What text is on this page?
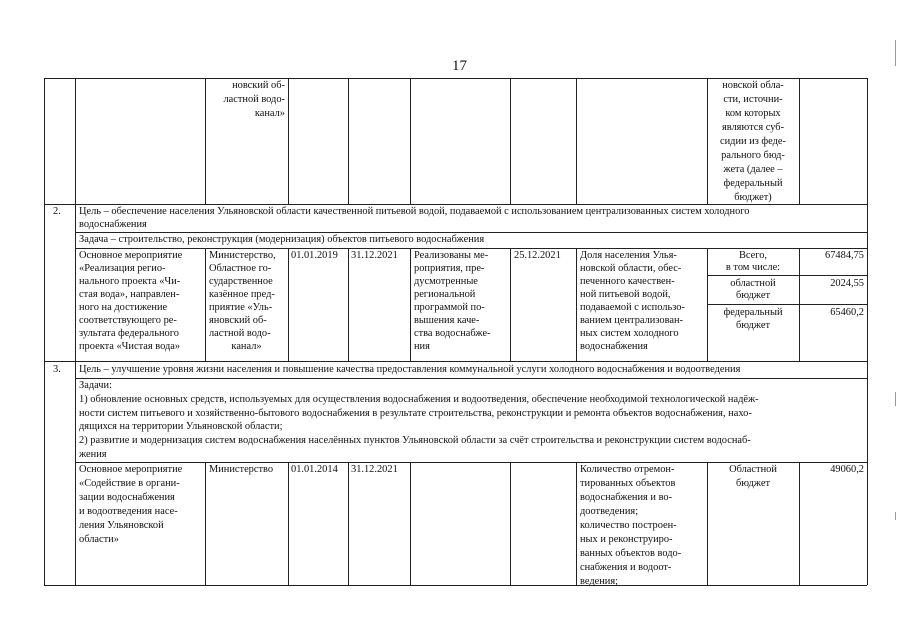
17
новский об-
ластной водо-
канал»
новской обла-
сти, источни-
ком которых
являются суб-
сидии из феде-
рального бюд-
жета (далее –
федеральный
бюджет)
2. Цель – обеспечение населения Ульяновской области качественной питьевой водой, подаваемой с использованием централизованных систем холодного
водоснабжения
Задача – строительство, реконструкция (модернизация) объектов питьевого водоснабжения
Основное мероприятие
«Реализация регио-
нального проекта «Чи-
стая вода», направлен-
ного на достижение
соответствующего ре-
зультата федерального
проекта «Чистая вода»
Министерство,
Областное го-
сударственное
казённое пред-
приятие «Уль-
яновский об-
ластной водо-
канал»
01.01.2019 31.12.2021 Реализованы ме-
роприятия, пре-
дусмотренные
региональной
программой по-
вышения каче-
ства водоснабже-
ния
25.12.2021 Доля населения Улья-
новской области, обес-
печенного качествен-
ной питьевой водой,
подаваемой с использо-
ванием централизован-
ных систем холодного
водоснабжения
Всего,
в том числе:
67484,75
областной
бюджет
2024,55
федеральный
бюджет
65460,2
3. Цель – улучшение уровня жизни населения и повышение качества предоставления коммунальной услуги холодного водоснабжения и водоотведения
Задачи:
1) обновление основных средств, используемых для осуществления водоснабжения и водоотведения, обеспечение необходимой технологической надёж-
ности систем питьевого и хозяйственно-бытового водоснабжения в результате строительства, реконструкции и ремонта объектов водоснабжения, нахо-
дящихся на территории Ульяновской области;
2) развитие и модернизация систем водоснабжения населённых пунктов Ульяновской области за счёт строительства и реконструкции систем водоснаб-
жения
Основное мероприятие
«Содействие в органи-
зации водоснабжения
и водоотведения насе-
ления Ульяновской
области»
Министерство 01.01.2014 31.12.2021	Количество отремон-
тированных объектов
водоснабжения и во-
доотведения;
количество построен-
ных и реконструиро-
ванных объектов водо-
снабжения и водоот-
ведения;
Областной
бюджет
49060,2
